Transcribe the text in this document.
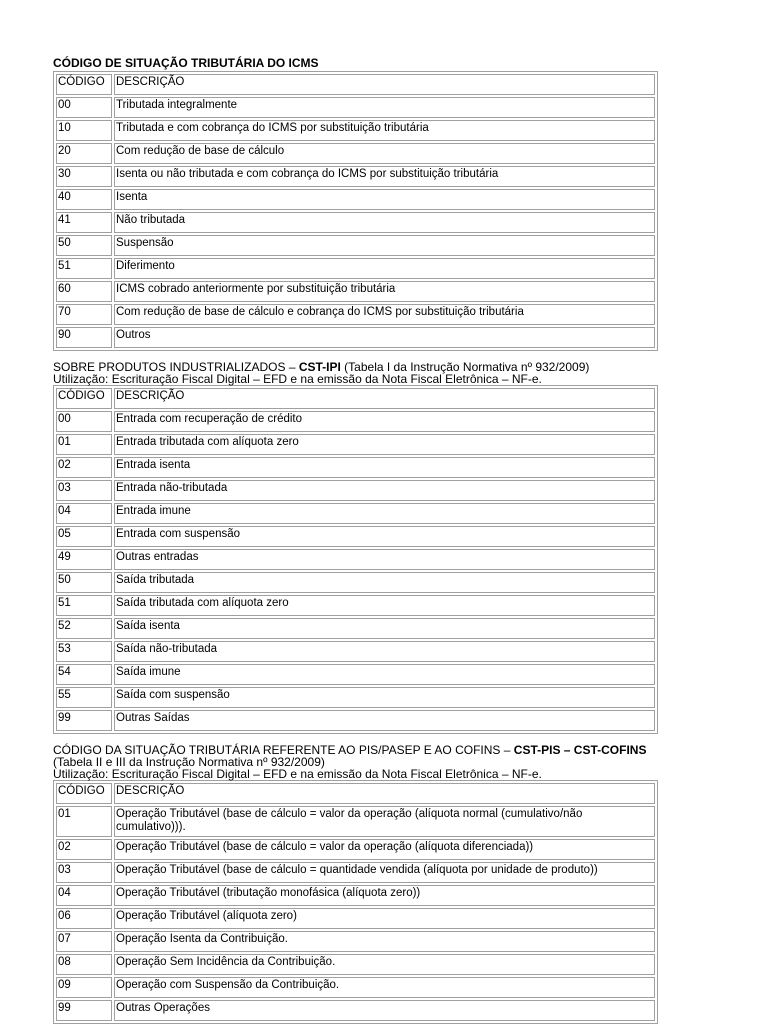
CÓDIGO DE SITUAÇÃO TRIBUTÁRIA DO ICMS
CÓDIGO	DESCRIÇÃO
00	Tributada integralmente
10	Tributada e com cobrança do ICMS por substituição tributária
20	Com redução de base de cálculo
30	Isenta ou não tributada e com cobrança do ICMS por substituição tributária
40	Isenta
41	Não tributada
50	Suspensão
51	Diferimento
60	ICMS cobrado anteriormente por substituição tributária
70	Com redução de base de cálculo e cobrança do ICMS por substituição tributária
90	Outros
SOBRE PRODUTOS INDUSTRIALIZADOS – CST-IPI (Tabela I da Instrução Normativa nº 932/2009)
Utilização: Escrituração Fiscal Digital – EFD e na emissão da Nota Fiscal Eletrônica – NF-e.
CÓDIGO	DESCRIÇÃO
00	Entrada com recuperação de crédito
01	Entrada tributada com alíquota zero
02	Entrada isenta
03	Entrada não-tributada
04	Entrada imune
05	Entrada com suspensão
49	Outras entradas
50	Saída tributada
51	Saída tributada com alíquota zero
52	Saída isenta
53	Saída não-tributada
54	Saída imune
55	Saída com suspensão
99	Outras Saídas
CÓDIGO DA SITUAÇÃO TRIBUTÁRIA REFERENTE AO PIS/PASEP E AO COFINS – CST-PIS – CST-COFINS (Tabela II e III da Instrução Normativa nº 932/2009)
Utilização: Escrituração Fiscal Digital – EFD e na emissão da Nota Fiscal Eletrônica – NF-e.
CÓDIGO	DESCRIÇÃO
01	Operação Tributável (base de cálculo = valor da operação (alíquota normal (cumulativo/não cumulativo))).
02	Operação Tributável (base de cálculo = valor da operação (alíquota diferenciada))
03	Operação Tributável (base de cálculo = quantidade vendida (alíquota por unidade de produto))
04	Operação Tributável (tributação monofásica (alíquota zero))
06	Operação Tributável (alíquota zero)
07	Operação Isenta da Contribuição.
08	Operação Sem Incidência da Contribuição.
09	Operação com Suspensão da Contribuição.
99	Outras Operações
